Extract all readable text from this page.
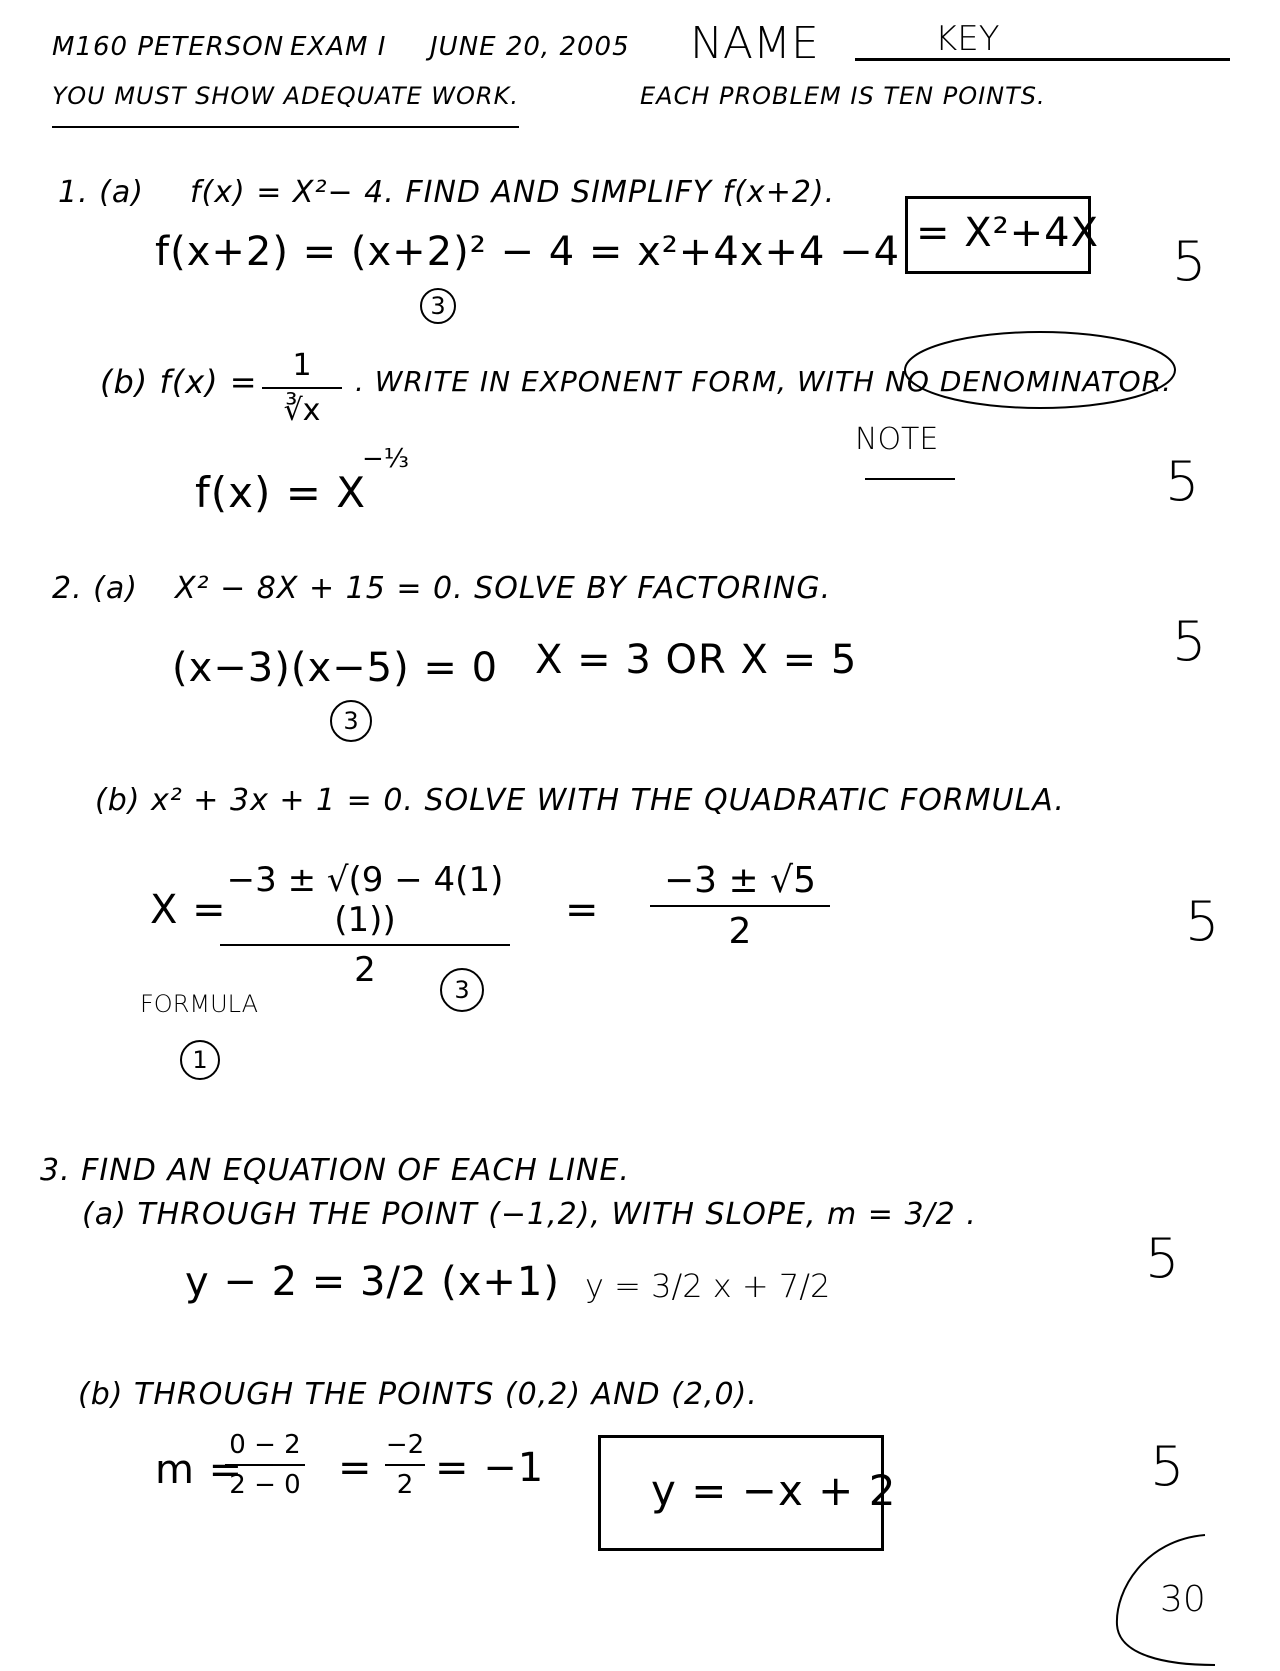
M160 PETERSON EXAM I JUNE 20, 2005 NAME	KEY
YOU MUST SHOW ADEQUATE WORK.	EACH PROBLEM IS TEN POINTS.
1. (a) f(x) = X²− 4. FIND AND SIMPLIFY f(x+2).
f(x+2) = (x+2)² − 4 = x²+4x+4 −4 = X²+4X
3
5
(b) f(x) =	1
∛x
. WRITE IN EXPONENT FORM, WITH NO DENOMINATOR.
NOTE
f(x) = X
−⅓	5
2. (a) X² − 8X + 15 = 0. SOLVE BY FACTORING.
(x−3)(x−5) = 0 X = 3 OR X = 5
3
5
(b) x² + 3x + 1 = 0. SOLVE WITH THE QUADRATIC FORMULA.
X =
−3 ± √(9 − 4(1)(1))
2
=
−3 ± √5
2
FORMULA
1
3
5
3. FIND AN EQUATION OF EACH LINE.
(a) THROUGH THE POINT (−1,2), WITH SLOPE, m = 3/2 .
y − 2 = 3/2 (x+1) y = 3/2 x + 7/2	5
(b) THROUGH THE POINTS (0,2) AND (2,0).
m =
0 − 2
2 − 0 = −2
2 = −1	y = −x + 2	5
30
